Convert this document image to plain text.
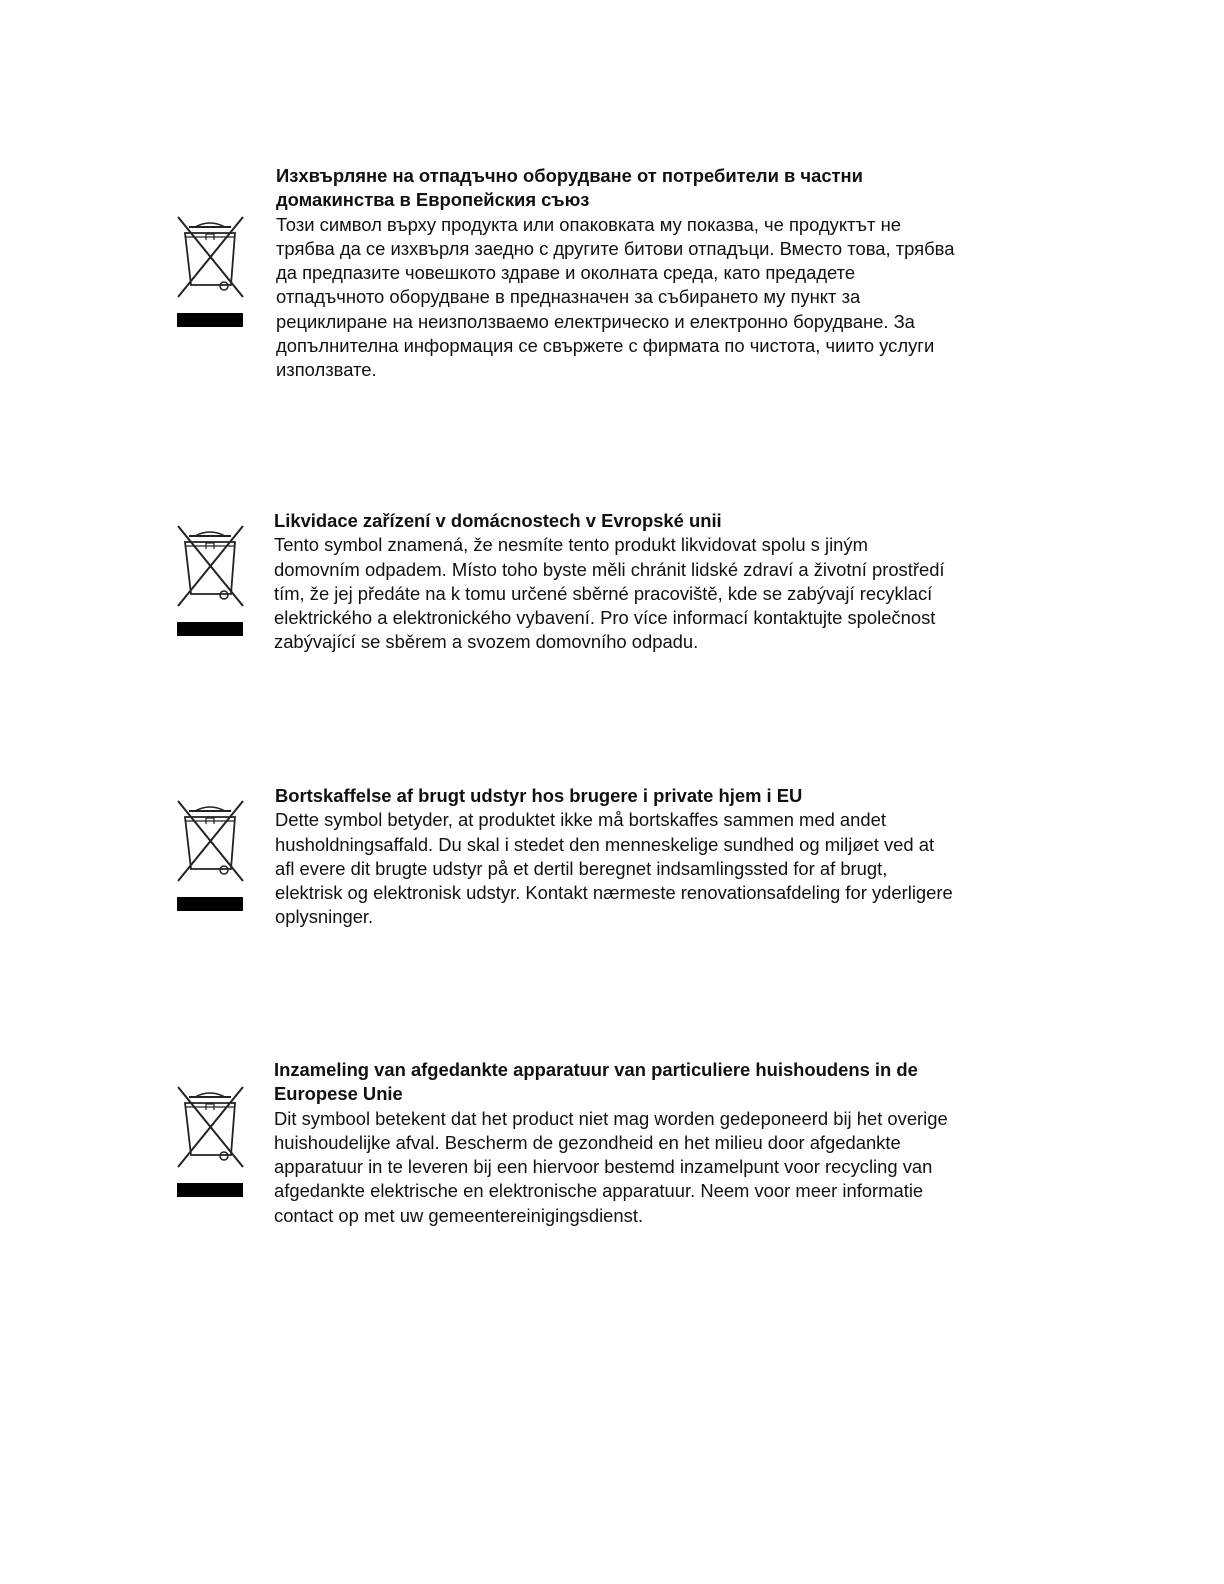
Изхвърляне на отпадъчно оборудване от потребители в частни домакинства в Европейския съюз

Този символ върху продукта или опаковката му показва, че продуктът не трябва да се изхвърля заедно с другите битови отпадъци. Вместо това, трябва да предпазите човешкото здраве и околната среда, като предадете отпадъчното оборудване в предназначен за събирането му пункт за рециклиране на неизползваемо електрическо и електронно борудване. За допълнителна информация се свържете с фирмата по чистота, чиито услуги използвате.

Likvidace zařízení v domácnostech v Evropské unii

Tento symbol znamená, že nesmíte tento produkt likvidovat spolu s jiným domovním odpadem. Místo toho byste měli chránit lidské zdraví a životní prostředí tím, že jej předáte na k tomu určené sběrné pracoviště, kde se zabývají recyklací elektrického a elektronického vybavení. Pro více informací kontaktujte společnost zabývající se sběrem a svozem domovního odpadu.

Bortskaffelse af brugt udstyr hos brugere i private hjem i EU

Dette symbol betyder, at produktet ikke må bortskaffes sammen med andet husholdningsaffald. Du skal i stedet den menneskelige sundhed og miljøet ved at afl evere dit brugte udstyr på et dertil beregnet indsamlingssted for af brugt, elektrisk og elektronisk udstyr. Kontakt nærmeste renovationsafdeling for yderligere oplysninger.

Inzameling van afgedankte apparatuur van particuliere huishoudens in de Europese Unie

Dit symbool betekent dat het product niet mag worden gedeponeerd bij het overige huishoudelijke afval. Bescherm de gezondheid en het milieu door afgedankte apparatuur in te leveren bij een hiervoor bestemd inzamelpunt voor recycling van afgedankte elektrische en elektronische apparatuur. Neem voor meer informatie contact op met uw gemeentereinigingsdienst.
